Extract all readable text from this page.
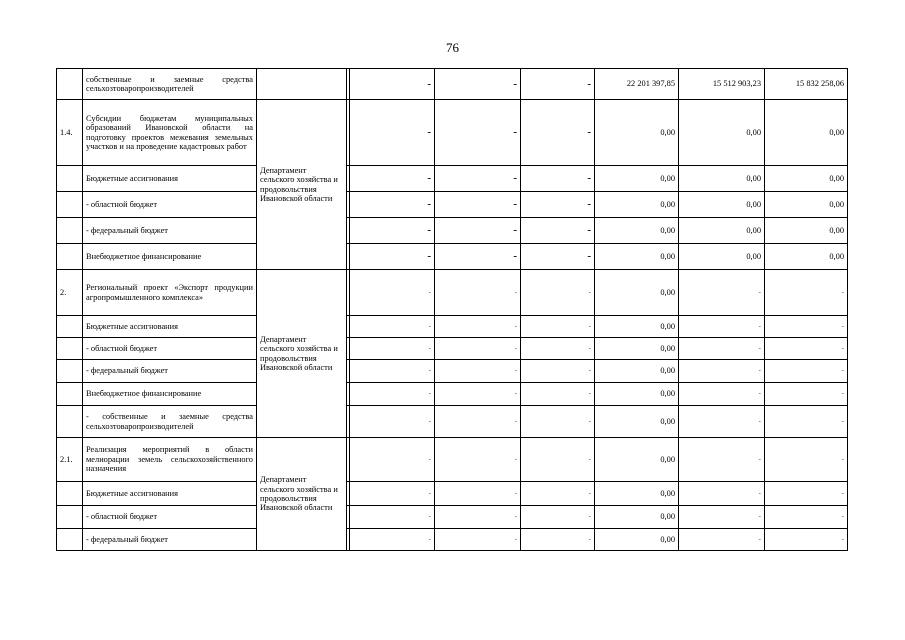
76
	собственные и заемные средства сельхозтоваропроизводителей			-	-	-	22 201 397,85	15 512 903,23	15 832 258,06
1.4.	Субсидии бюджетам муниципальных образований Ивановской области на подготовку проектов межевания земельных участков и на проведение кадастровых работ	Департамент сельского хозяйства и продовольствия Ивановской области		-	-	-	0,00	0,00	0,00
	Бюджетные ассигнования			-	-	-	0,00	0,00	0,00
	- областной бюджет			-	-	-	0,00	0,00	0,00
	- федеральный бюджет			-	-	-	0,00	0,00	0,00
	Внебюджетное финансирование			-	-	-	0,00	0,00	0,00
2.	Региональный проект «Экспорт продукции агропромышленного комплекса»	Департамент сельского хозяйства и продовольствия Ивановской области		-	-	-	0,00	-	-
	Бюджетные ассигнования			-	-	-	0,00	-	-
	- областной бюджет			-	-	-	0,00	-	-
	- федеральный бюджет			-	-	-	0,00	-	-
	Внебюджетное финансирование			-	-	-	0,00	-	-
	- собственные и заемные средства сельхозтоваропроизводителей			-	-	-	0,00	-	-
2.1.	Реализация мероприятий в области мелиорации земель сельскохозяйственного назначения	Департамент сельского хозяйства и продовольствия Ивановской области		-	-	-	0,00	-	-
	Бюджетные ассигнования			-	-	-	0,00	-	-
	- областной бюджет			-	-	-	0,00	-	-
	- федеральный бюджет			-	-	-	0,00	-	-
